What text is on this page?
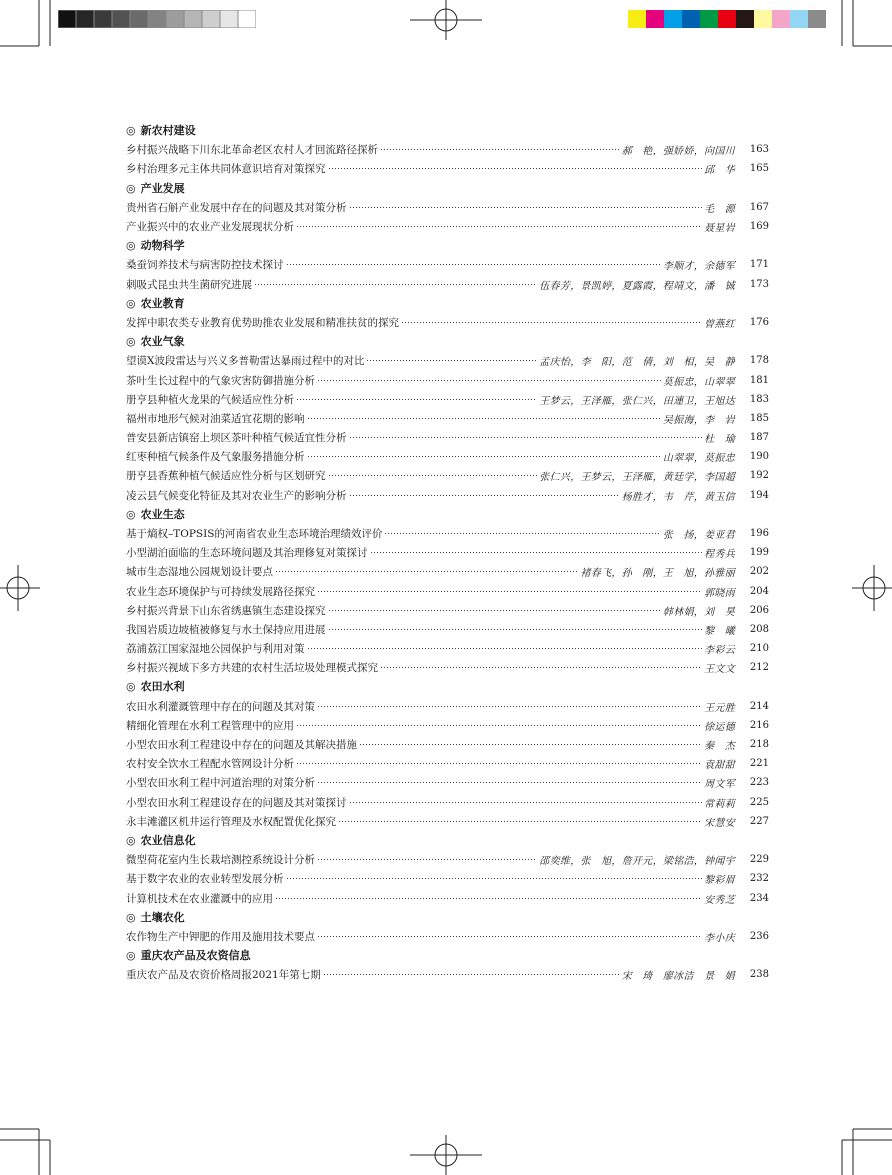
◎ 新农村建设
乡村振兴战略下川东北革命老区农村人才回流路径探析	郝　艳，强娇娇，向国川	163
乡村治理多元主体共同体意识培育对策探究	邱　华	165
◎ 产业发展
贵州省石斛产业发展中存在的问题及其对策分析	毛　源	167
产业振兴中的农业产业发展现状分析	聂星岩	169
◎ 动物科学
桑蚕饲养技术与病害防控技术探讨	李顺才，余德军	171
刺吸式昆虫共生菌研究进展	伍春芳，景凯婷，夏露霞，程靖文，潘　铖	173
◎ 农业教育
发挥中职农类专业教育优势助推农业发展和精准扶贫的探究	曾燕红	176
◎ 农业气象
望谟X波段雷达与兴义多普勒雷达暴雨过程中的对比	孟庆怡，李　阳，范　倩，刘　相，吴　静	178
茶叶生长过程中的气象灾害防御措施分析	莫振忠，山翠翠	181
册亨县种植火龙果的气候适应性分析	王梦云，王泽雁，张仁兴，田連卫，王旭达	183
福州市地形气候对油菜适宜花期的影响	吴振海，李　岩	185
普安县新店镇窑上坝区茶叶种植气候适宜性分析	杜　瑜	187
红枣种植气候条件及气象服务措施分析	山翠翠，莫振忠	190
册亨县香蕉种植气候适应性分析与区划研究	张仁兴，王梦云，王泽雁，黄廷学，李国超	192
凌云县气候变化特征及其对农业生产的影响分析	杨胜才，韦　芹，黄玉信	194
◎ 农业生态
基于熵权–TOPSIS的河南省农业生态环境治理绩效评价	张　扬，姜亚君	196
小型湖泊面临的生态环境问题及其治理修复对策探讨	程秀兵	199
城市生态湿地公园规划设计要点	褚春飞，孙　刚，王　旭，孙雅丽	202
农业生态环境保护与可持续发展路径探究	郭晓雨	204
乡村振兴背景下山东省绣惠镇生态建设探究	韩林娟，刘　昊	206
我国岩质边坡植被修复与水土保持应用进展	黎　曦	208
荔浦荔江国家湿地公园保护与利用对策	李彩云	210
乡村振兴视域下多方共建的农村生活垃圾处理模式探究	王文文	212
◎ 农田水利
农田水利灌溉管理中存在的问题及其对策	王元胜	214
精细化管理在水利工程管理中的应用	徐运德	216
小型农田水利工程建设中存在的问题及其解决措施	秦　杰	218
农村安全饮水工程配水管网设计分析	袁甜甜	221
小型农田水利工程中河道治理的对策分析	周文军	223
小型农田水利工程建设存在的问题及其对策探讨	常莉莉	225
永丰滩灌区机井运行管理及水权配置优化探究	宋慧安	227
◎ 农业信息化
微型荷花室内生长栽培测控系统设计分析	邵奕维，张　旭，詹开元，梁铭浩，钟闻宇	229
基于数字农业的农业转型发展分析	黎彩眉	232
计算机技术在农业灌溉中的应用	安秀芝	234
◎ 土壤农化
农作物生产中钾肥的作用及施用技术要点	李小庆	236
◎ 重庆农产品及农资信息
重庆农产品及农资价格周报2021年第七期	宋　琦　廖冰洁　景　娟	238
